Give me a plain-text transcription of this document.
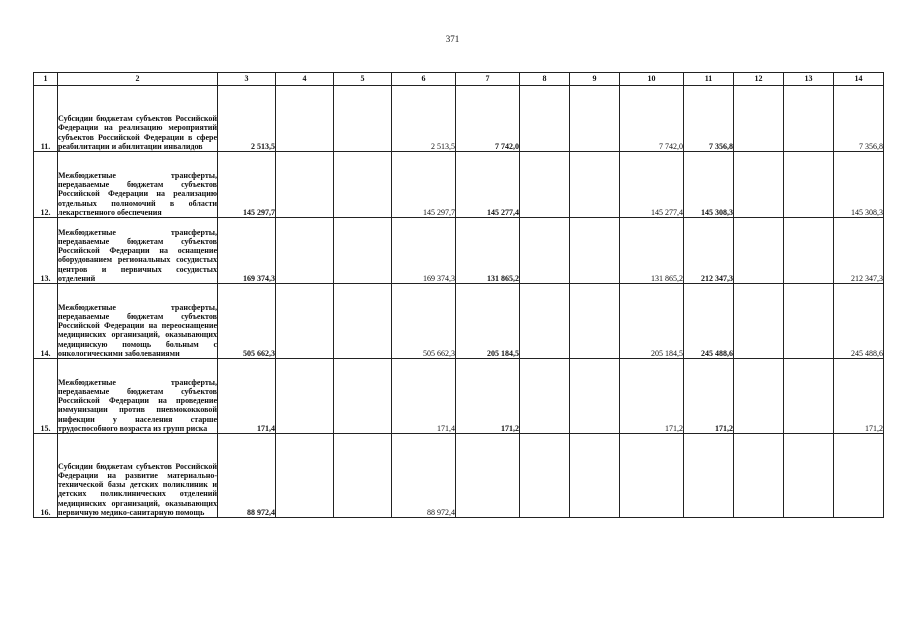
371
1	2	3	4	5	6	7	8	9	10	11	12	13	14
11.	Субсидии бюджетам субъектов Российской Федерации на реализацию мероприятий субъектов Российской Федерации в сфере реабилитации и абилитации инвалидов	2 513,5			2 513,5	7 742,0			7 742,0	7 356,8			7 356,8
12.	Межбюджетные трансферты, передаваемые бюджетам субъектов Российской Федерации на реализацию отдельных полномочий в области лекарственного обеспечения	145 297,7			145 297,7	145 277,4			145 277,4	145 308,3			145 308,3
13.	Межбюджетные трансферты, передаваемые бюджетам субъектов Российской Федерации на оснащение оборудованием региональных сосудистых центров и первичных сосудистых отделений	169 374,3			169 374,3	131 865,2			131 865,2	212 347,3			212 347,3
14.	Межбюджетные трансферты, передаваемые бюджетам субъектов Российской Федерации на переоснащение медицинских организаций, оказывающих медицинскую помощь больным с онкологическими заболеваниями	505 662,3			505 662,3	205 184,5			205 184,5	245 488,6			245 488,6
15.	Межбюджетные трансферты, передаваемые бюджетам субъектов Российской Федерации на проведение иммунизации против пневмококковой инфекции у населения старше трудоспособного возраста из групп риска	171,4			171,4	171,2			171,2	171,2			171,2
16.	Субсидии бюджетам субъектов Российской Федерации на развитие материально-технической базы детских поликлиник и детских поликлинических отделений медицинских организаций, оказывающих первичную медико-санитарную помощь	88 972,4			88 972,4								
